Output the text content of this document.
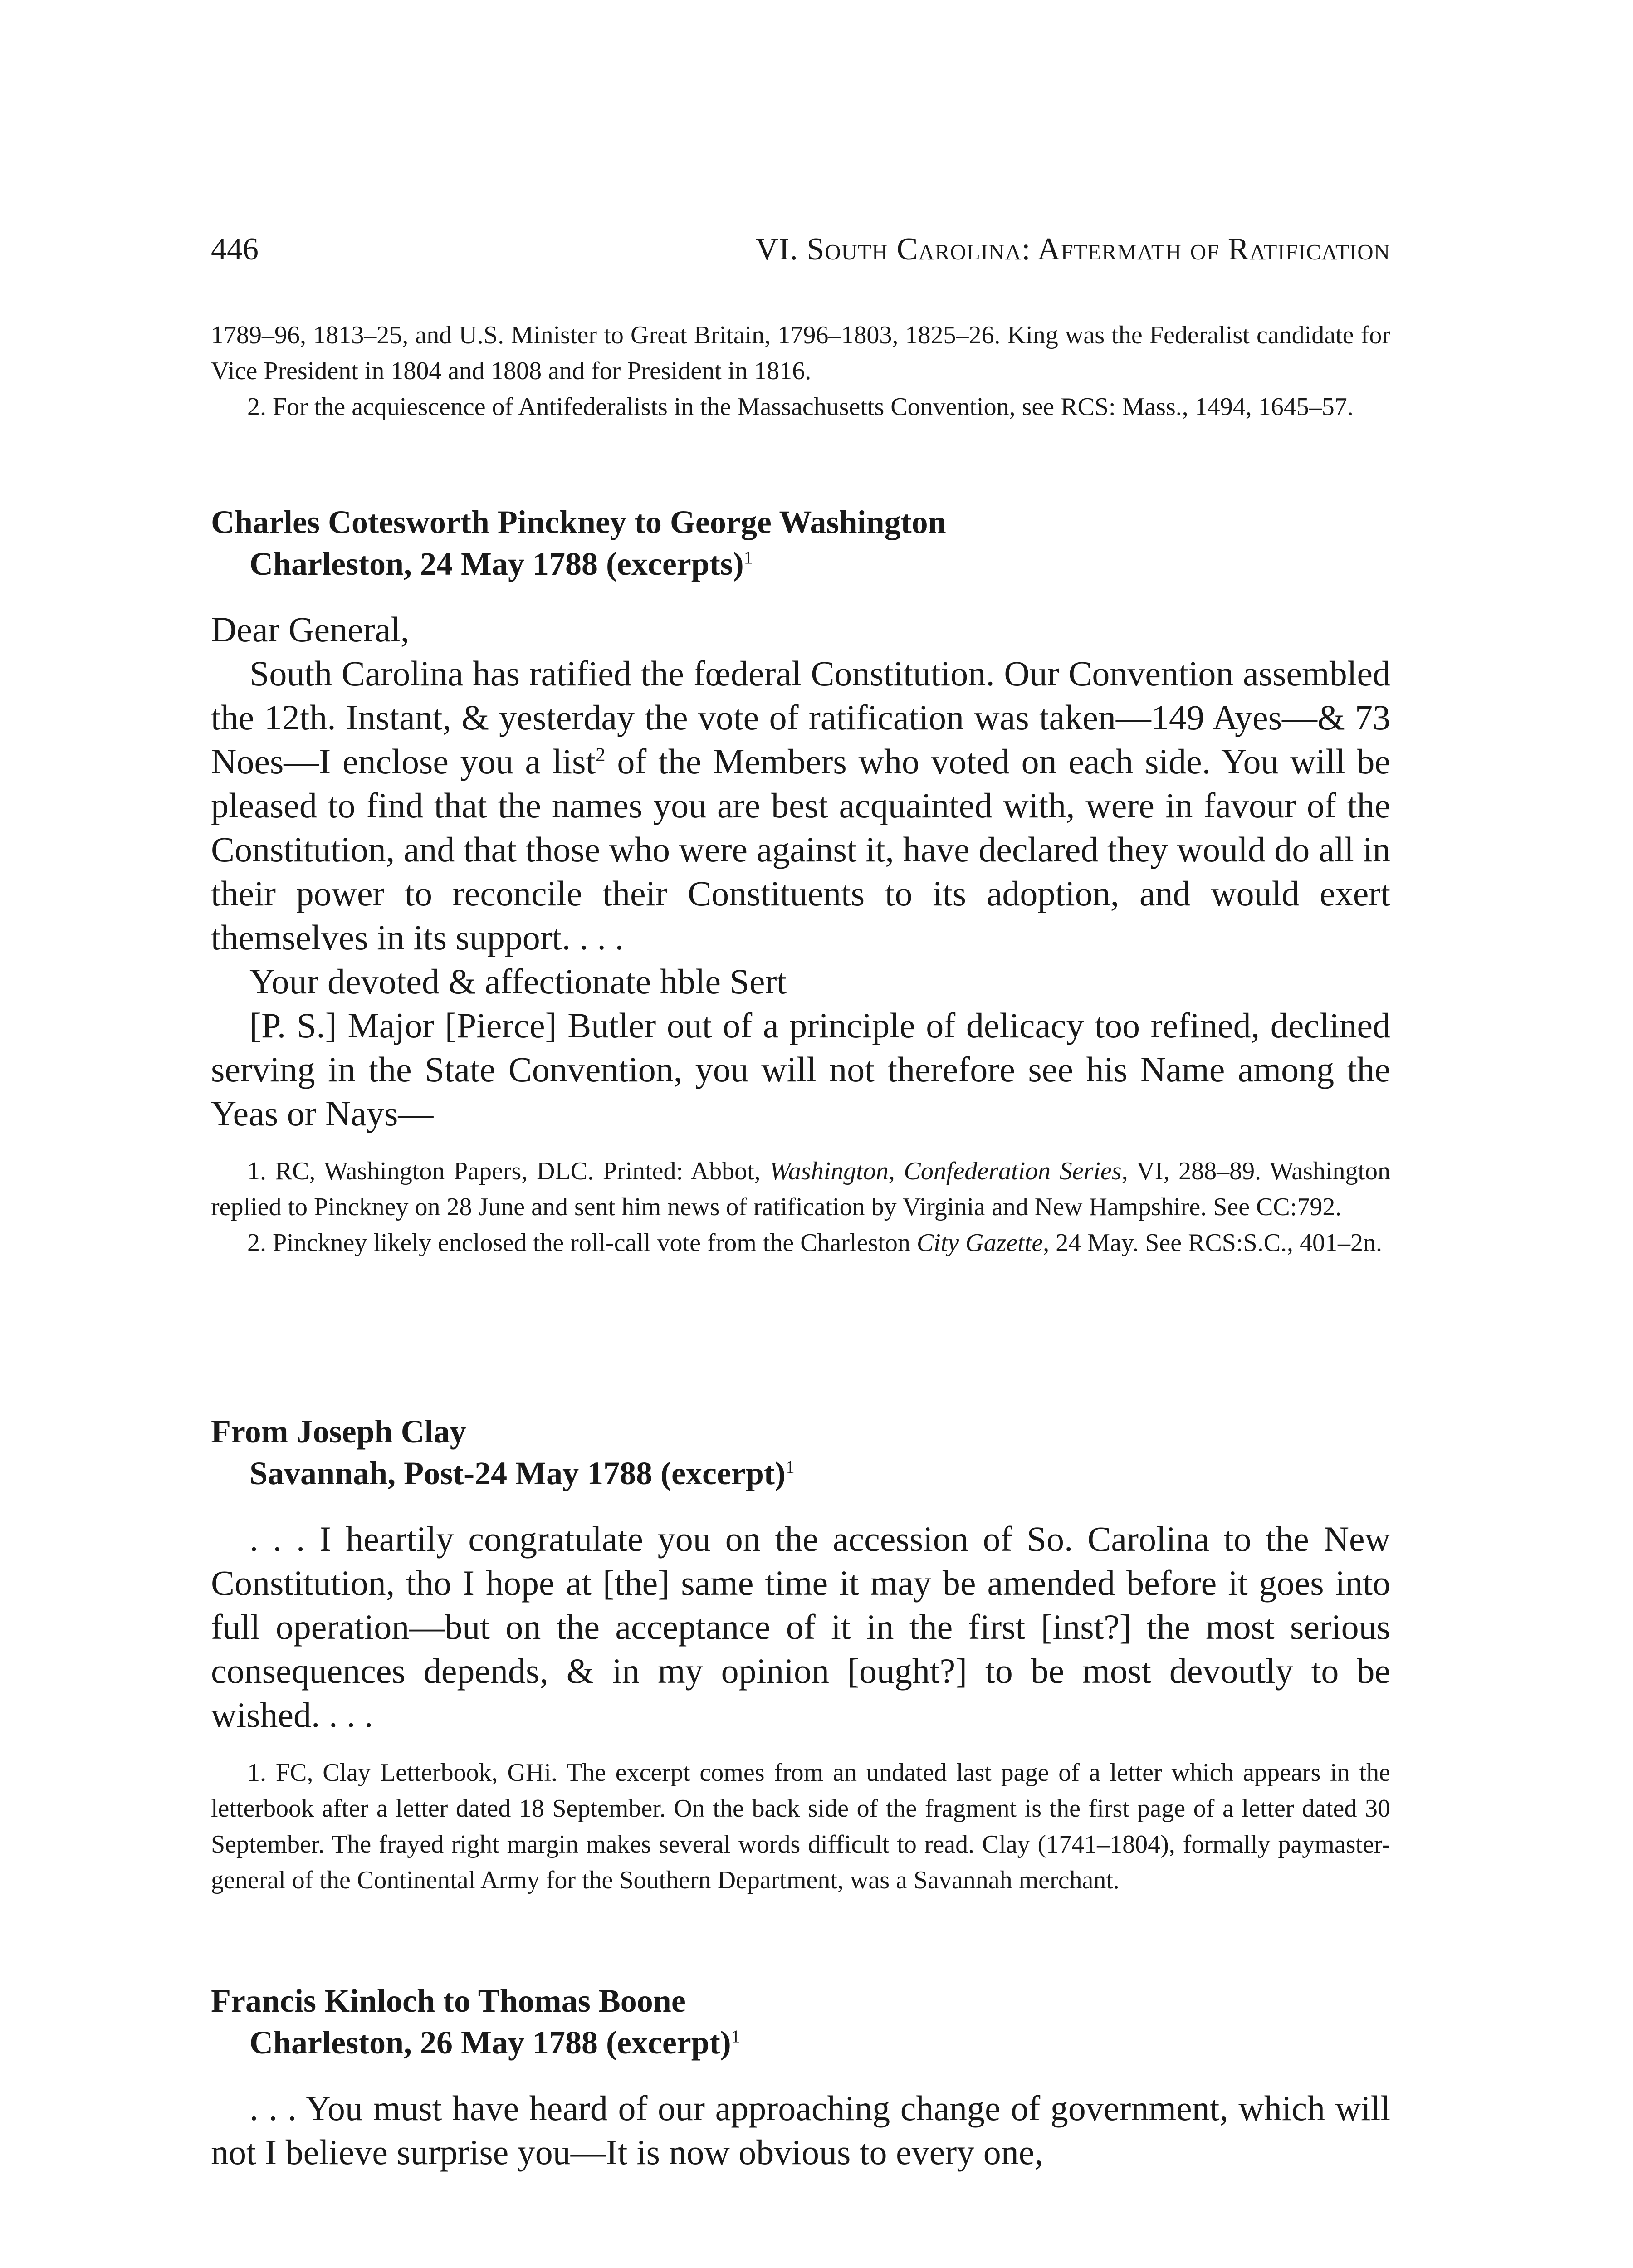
446	VI. South Carolina: Aftermath of Ratification

1789–96, 1813–25, and U.S. Minister to Great Britain, 1796–1803, 1825–26. King was the Federalist candidate for Vice President in 1804 and 1808 and for President in 1816.

2. For the acquiescence of Antifederalists in the Massachusetts Convention, see RCS: Mass., 1494, 1645–57.

Charles Cotesworth Pinckney to George Washington
Charleston, 24 May 1788 (excerpts)$^1$

Dear General,

South Carolina has ratified the fœderal Constitution. Our Convention assembled the 12th. Instant, & yesterday the vote of ratification was taken—149 Ayes—& 73 Noes—I enclose you a list$^2$ of the Members who voted on each side. You will be pleased to find that the names you are best acquainted with, were in favour of the Constitution, and that those who were against it, have declared they would do all in their power to reconcile their Constituents to its adoption, and would exert themselves in its support. . . .

Your devoted & affectionate hble Sert

[P. S.] Major [Pierce] Butler out of a principle of delicacy too refined, declined serving in the State Convention, you will not therefore see his Name among the Yeas or Nays—

1. RC, Washington Papers, DLC. Printed: Abbot, Washington, Confederation Series, VI, 288–89. Washington replied to Pinckney on 28 June and sent him news of ratification by Virginia and New Hampshire. See CC:792.

2. Pinckney likely enclosed the roll-call vote from the Charleston City Gazette, 24 May. See RCS:S.C., 401–2n.

From Joseph Clay
Savannah, Post-24 May 1788 (excerpt)$^1$

. . . I heartily congratulate you on the accession of So. Carolina to the New Constitution, tho I hope at [the] same time it may be amended before it goes into full operation—but on the acceptance of it in the first [inst?] the most serious consequences depends, & in my opinion [ought?] to be most devoutly to be wished. . . .

1. FC, Clay Letterbook, GHi. The excerpt comes from an undated last page of a letter which appears in the letterbook after a letter dated 18 September. On the back side of the fragment is the first page of a letter dated 30 September. The frayed right margin makes several words difficult to read. Clay (1741–1804), formally paymaster-general of the Continental Army for the Southern Department, was a Savannah merchant.

Francis Kinloch to Thomas Boone
Charleston, 26 May 1788 (excerpt)$^1$

. . . You must have heard of our approaching change of government, which will not I believe surprise you—It is now obvious to every one,
